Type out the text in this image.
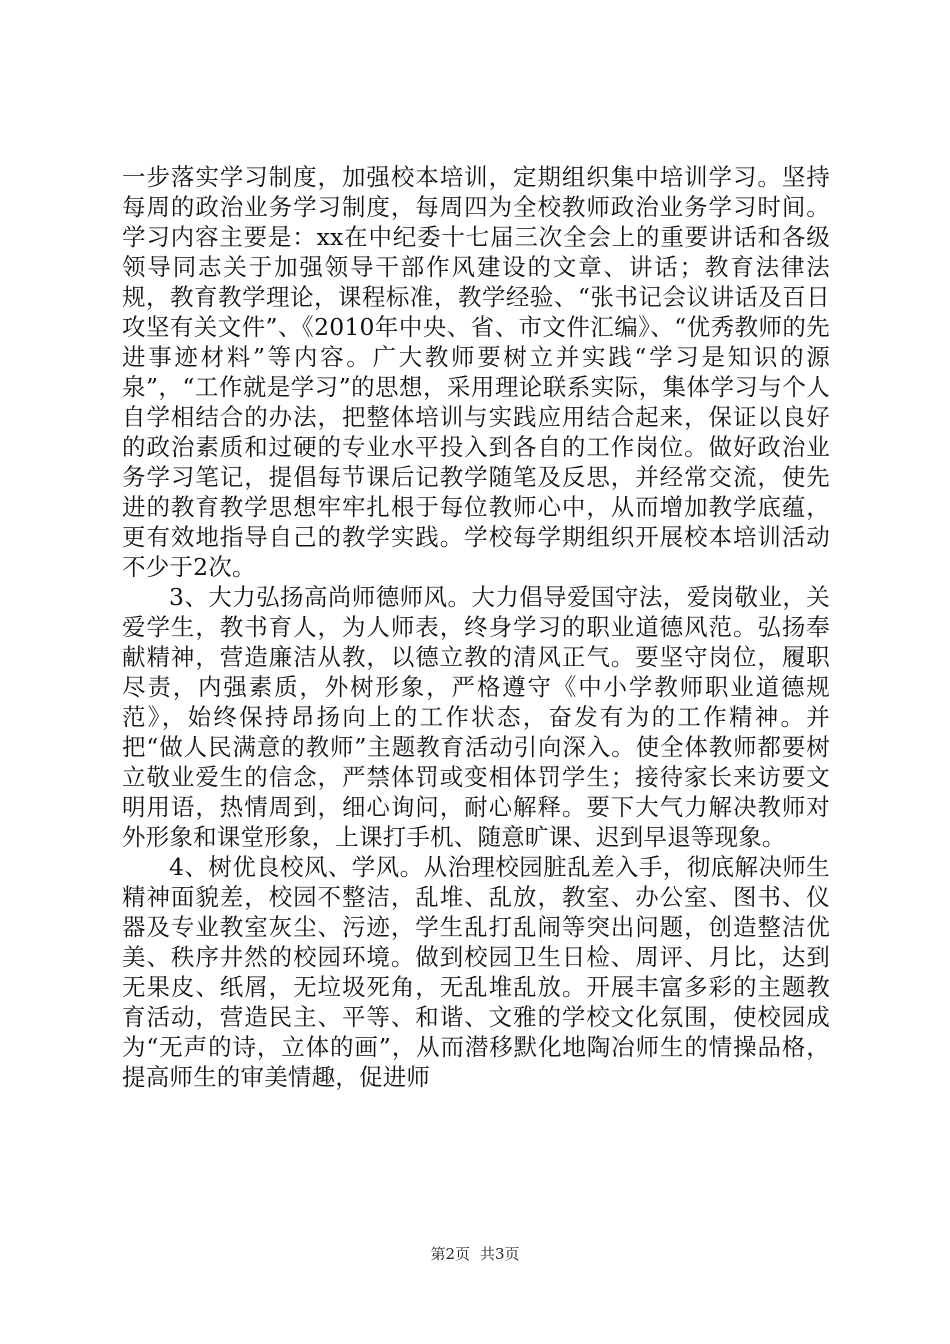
一步落实学习制度，加强校本培训，定期组织集中培训学习。坚持每周的政治业务学习制度，每周四为全校教师政治业务学习时间。学习内容主要是：xx在中纪委十七届三次全会上的重要讲话和各级领导同志关于加强领导干部作风建设的文章、讲话；教育法律法规，教育教学理论，课程标准，教学经验、“张书记会议讲话及百日攻坚有关文件”、《2010年中央、省、市文件汇编》、“优秀教师的先进事迹材料”等内容。广大教师要树立并实践“学习是知识的源泉”，“工作就是学习”的思想，采用理论联系实际，集体学习与个人自学相结合的办法，把整体培训与实践应用结合起来，保证以良好的政治素质和过硬的专业水平投入到各自的工作岗位。做好政治业务学习笔记，提倡每节课后记教学随笔及反思，并经常交流，使先进的教育教学思想牢牢扎根于每位教师心中，从而增加教学底蕴，更有效地指导自己的教学实践。学校每学期组织开展校本培训活动不少于2次。

3、大力弘扬高尚师德师风。大力倡导爱国守法，爱岗敬业，关爱学生，教书育人，为人师表，终身学习的职业道德风范。弘扬奉献精神，营造廉洁从教，以德立教的清风正气。要坚守岗位，履职尽责，内强素质，外树形象，严格遵守《中小学教师职业道德规范》，始终保持昂扬向上的工作状态，奋发有为的工作精神。并把“做人民满意的教师”主题教育活动引向深入。使全体教师都要树立敬业爱生的信念，严禁体罚或变相体罚学生；接待家长来访要文明用语，热情周到，细心询问，耐心解释。要下大气力解决教师对外形象和课堂形象，上课打手机、随意旷课、迟到早退等现象。

4、树优良校风、学风。从治理校园脏乱差入手，彻底解决师生精神面貌差，校园不整洁，乱堆、乱放，教室、办公室、图书、仪器及专业教室灰尘、污迹，学生乱打乱闹等突出问题，创造整洁优美、秩序井然的校园环境。做到校园卫生日检、周评、月比，达到无果皮、纸屑，无垃圾死角，无乱堆乱放。开展丰富多彩的主题教育活动，营造民主、平等、和谐、文雅的学校文化氛围，使校园成为“无声的诗，立体的画”，从而潜移默化地陶冶师生的情操品格，提高师生的审美情趣，促进师

第2页 共3页
